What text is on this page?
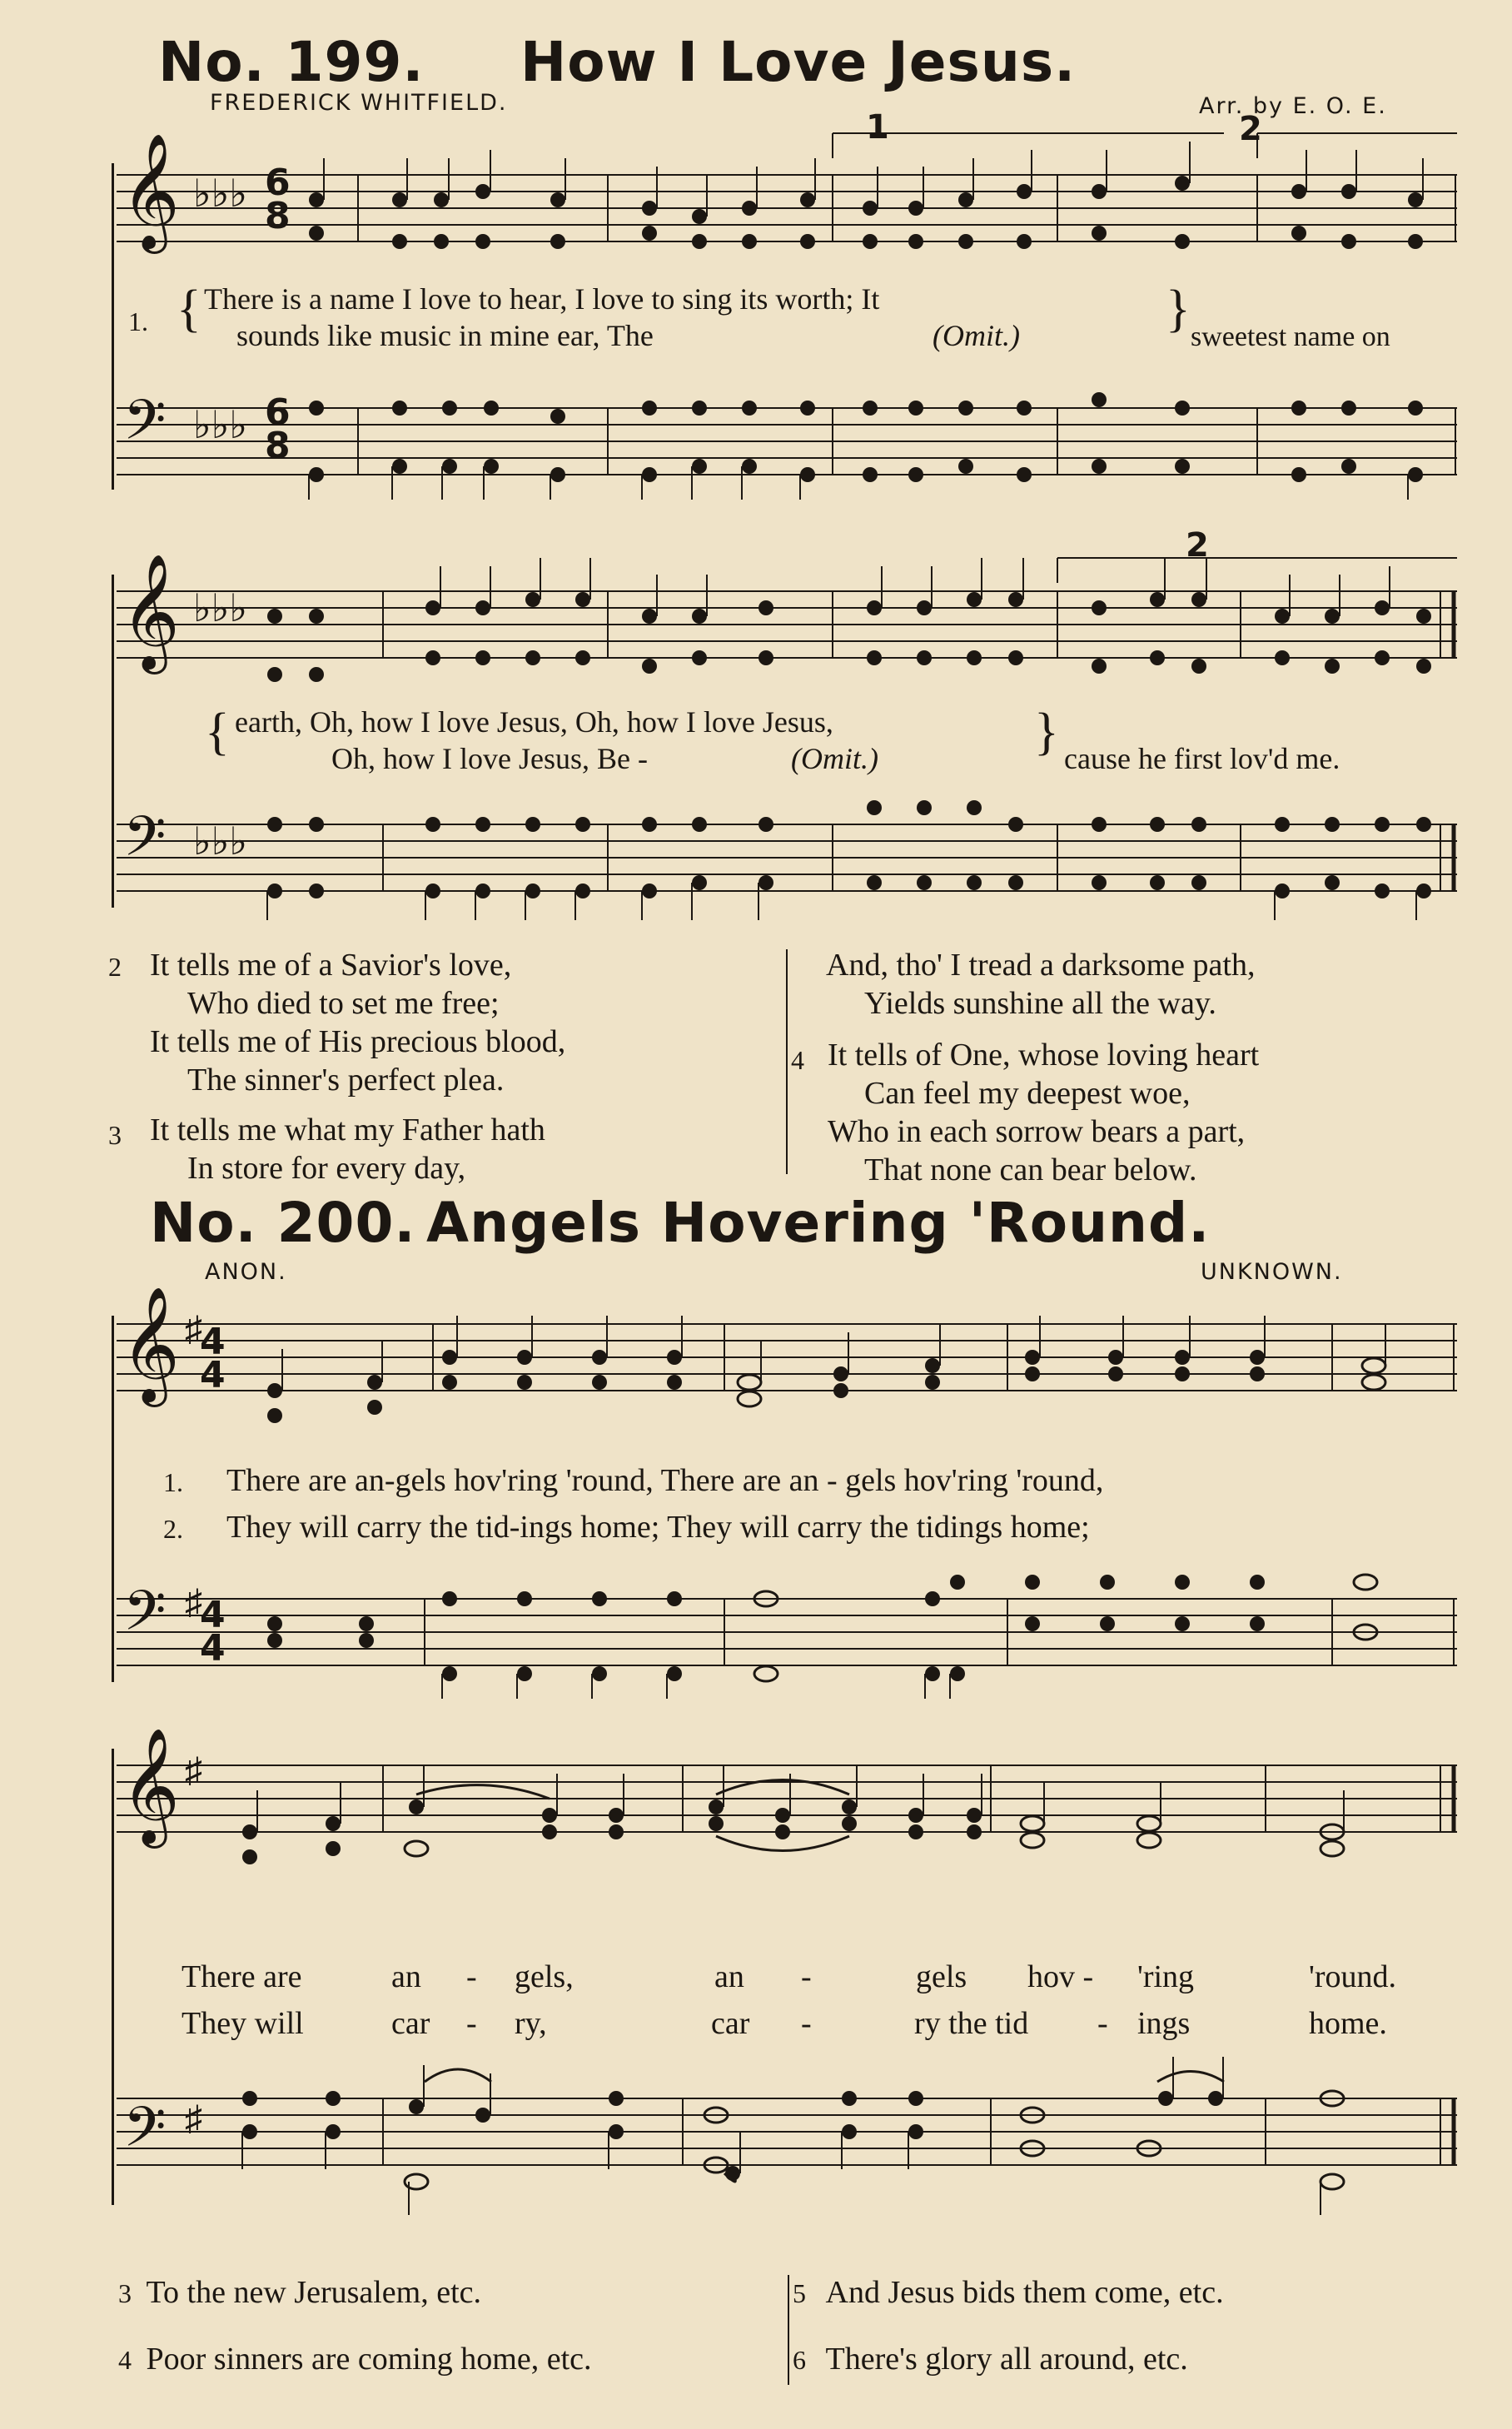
No. 199. How I Love Jesus.
FREDERICK WHITFIELD.	Arr. by E. O. E.
𝄞 ♭♭♭ 6
8
1	2
1. { There is a name I love to hear, I love to sing its worth; It
sounds like music in mine ear, The	(Omit.)	} sweetest name on
𝄢 ♭♭♭ 6
8
𝄞 ♭♭♭
2
{ earth, Oh, how I love Jesus, Oh, how I love Jesus,
Oh, how I love Jesus, Be -	(Omit.)	} cause he first lov'd me.
𝄢 ♭♭♭
2 It tells me of a Savior's love,
Who died to set me free;
It tells me of His precious blood,
The sinner's perfect plea.
3 It tells me what my Father hath
In store for every day,
And, tho' I tread a darksome path,
Yields sunshine all the way.
4 It tells of One, whose loving heart
Can feel my deepest woe,
Who in each sorrow bears a part,
That none can bear below.
No. 200. Angels Hovering 'Round.
ANON.	UNKNOWN.
𝄞 ♯
4
4
1. There are an-gels hov'ring 'round, There are an - gels hov'ring 'round,
2. They will carry the tid-ings home; They will carry the tidings home;
𝄢 ♯
4
4
𝄞 ♯
There are	an - gels,	an -	gels hov - 'ring	'round.
They will	car - ry,	car -	ry the tid - ings	home.
𝄢 ♯
3 To the new Jerusalem, etc.
4 Poor sinners are coming home, etc.
5 And Jesus bids them come, etc.
6 There's glory all around, etc.
